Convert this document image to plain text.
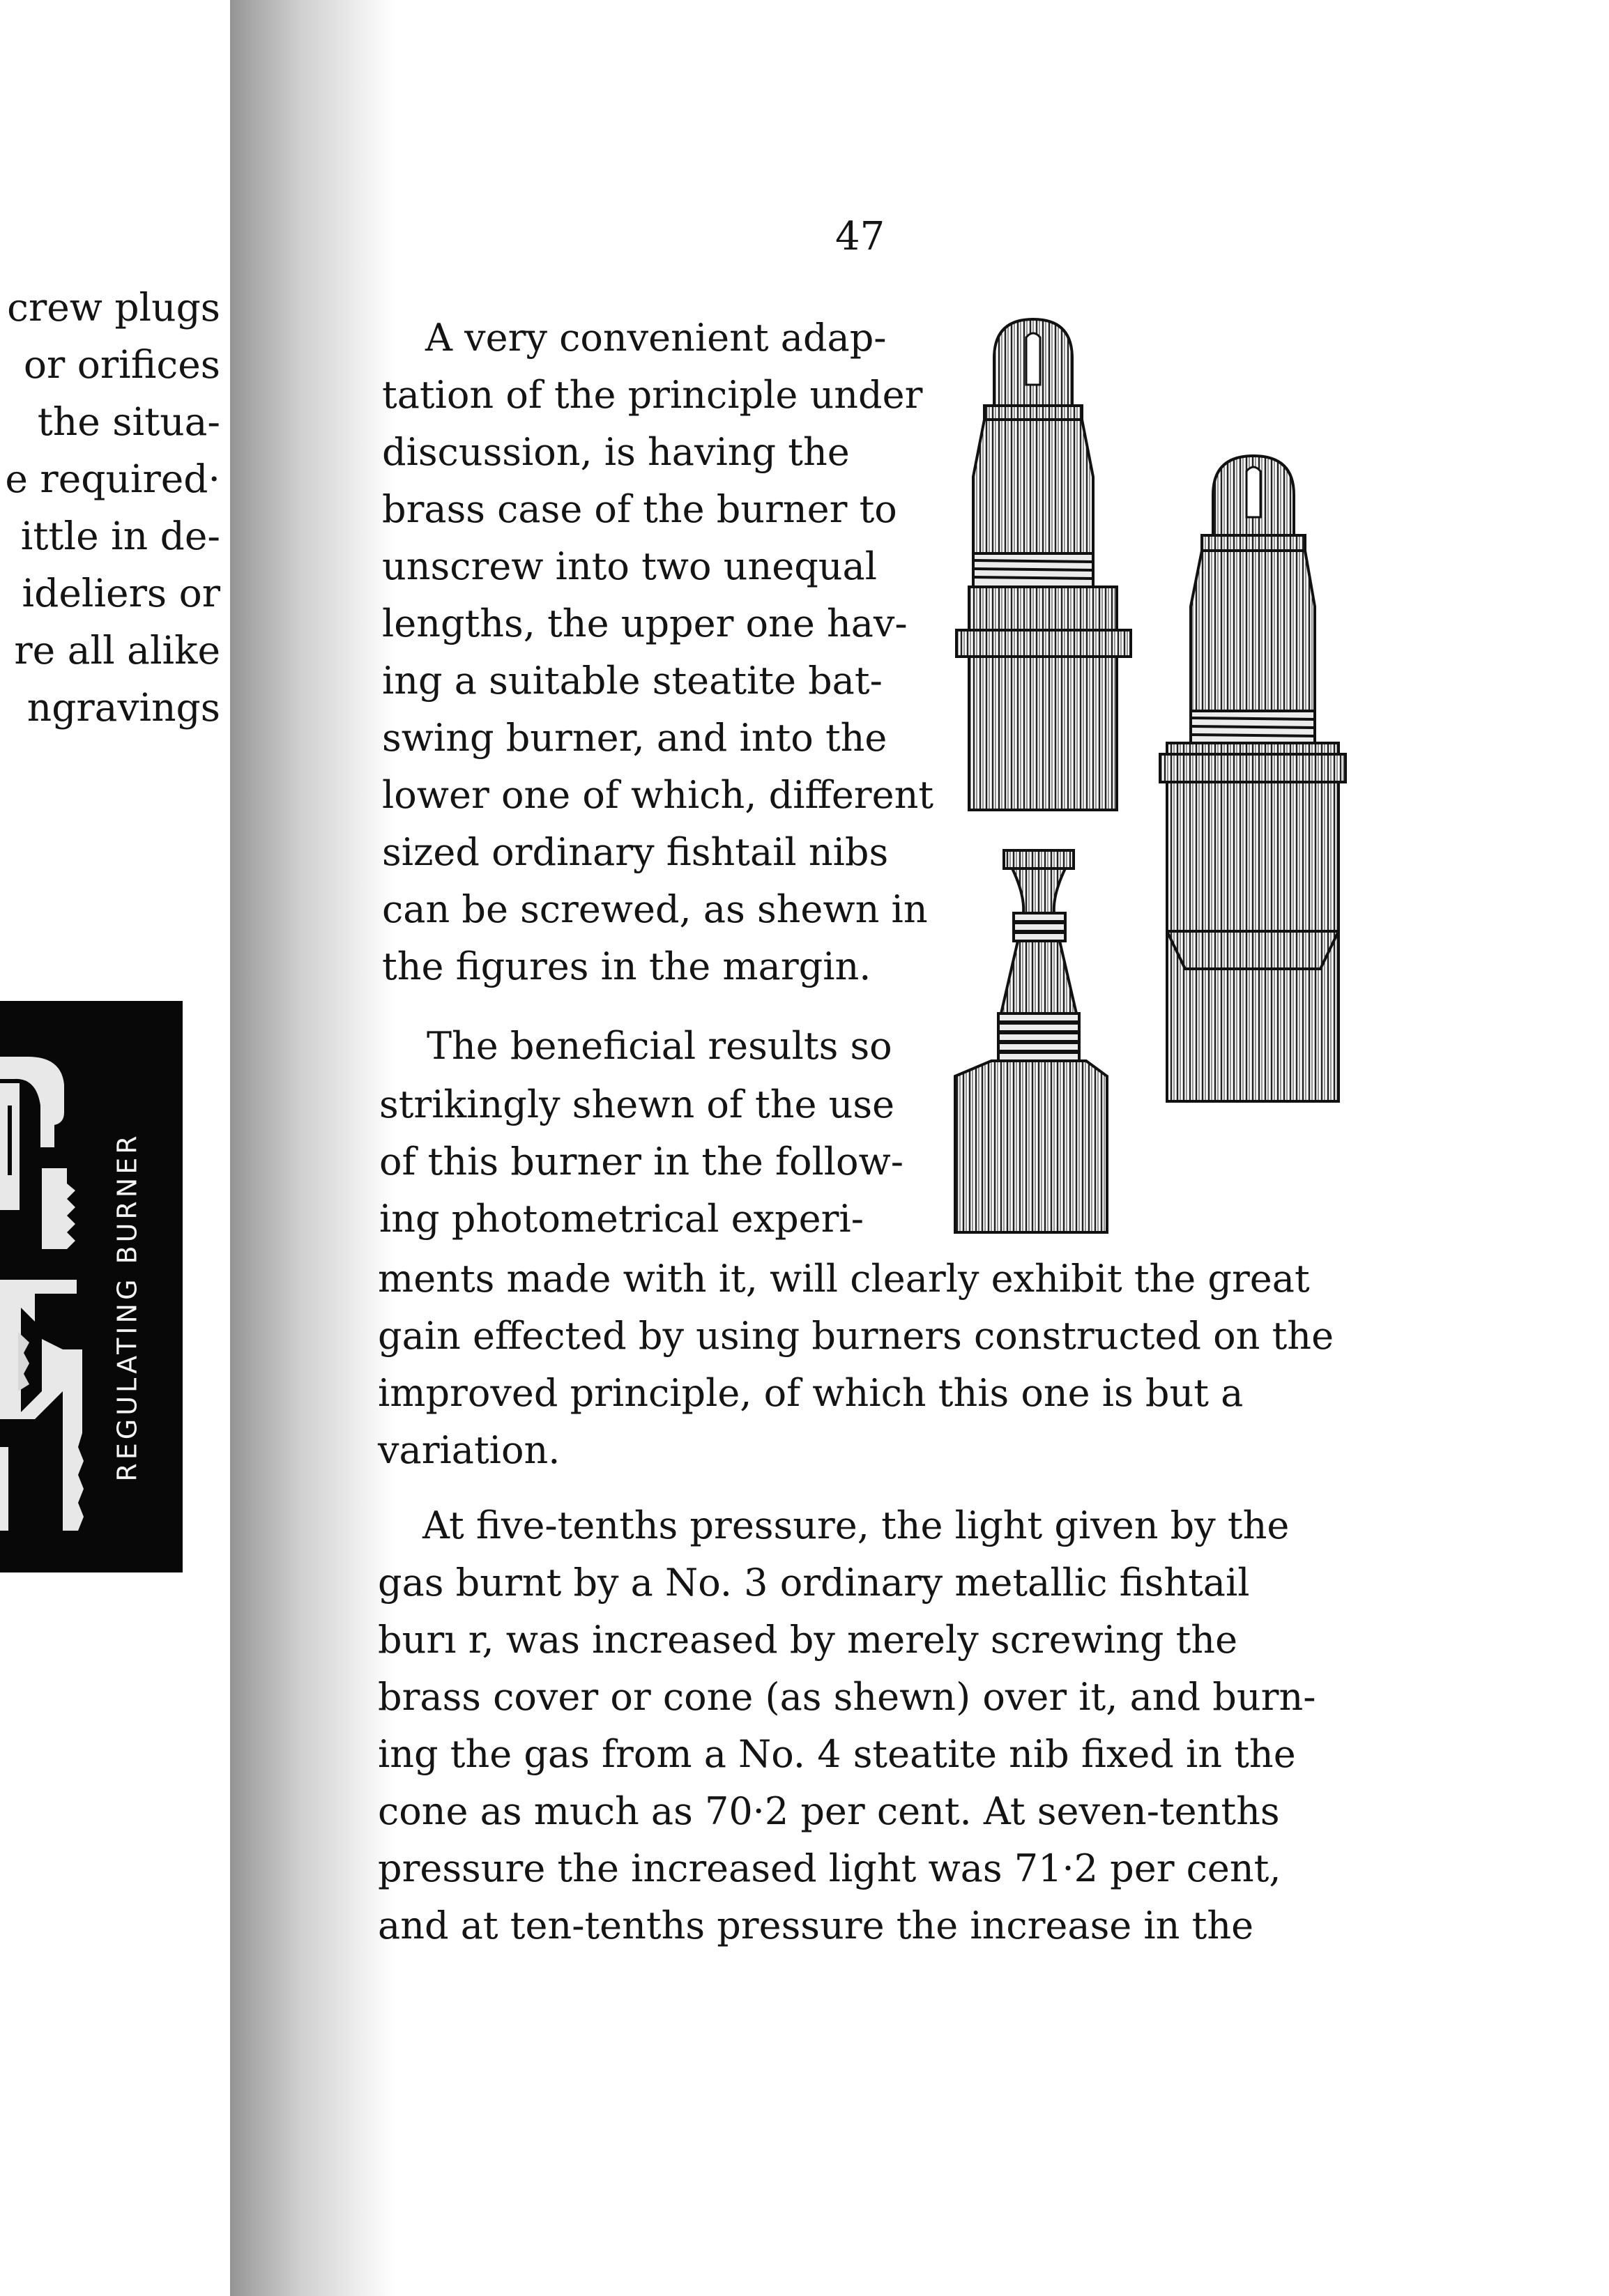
crew plugs
or orifices
the situa-
e required·
ittle in de-
ideliers or
re all alike
ngravings
REGULATING BURNER
47
A very convenient adap-
tation of the principle under
discussion, is having the
brass case of the burner to
unscrew into two unequal
lengths, the upper one hav-
ing a suitable steatite bat-
swing burner, and into the
lower one of which, different
sized ordinary fishtail nibs
can be screwed, as shewn in
the figures in the margin.
The beneficial results so
strikingly shewn of the use
of this burner in the follow-
ing photometrical experi-
ments made with it, will clearly exhibit the great
gain effected by using burners constructed on the
improved principle, of which this one is but a
variation.
At five-tenths pressure, the light given by the
gas burnt by a No. 3 ordinary metallic fishtail
burı r, was increased by merely screwing the
brass cover or cone (as shewn) over it, and burn-
ing the gas from a No. 4 steatite nib fixed in the
cone as much as 70·2 per cent. At seven-tenths
pressure the increased light was 71·2 per cent,
and at ten-tenths pressure the increase in the
